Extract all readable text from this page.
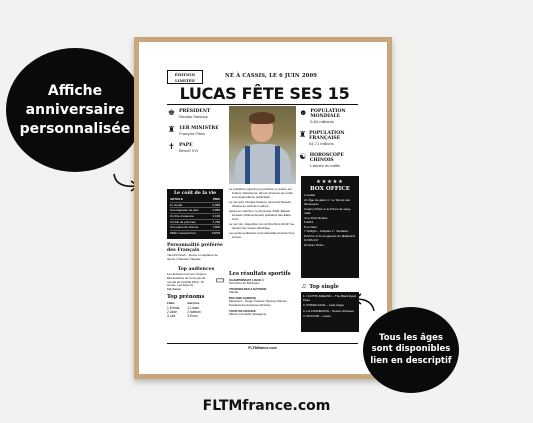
Affiche
anniversaire
personnalisée
ÉDITION
LIMITÉE
NÉ À CASSIS, LE 6 JUIN 2009
LUCAS FÊTE SES 15
♚ PRÉSIDENT
Nicolas Sarkozy
♜ 1ER MINISTRE
François Fillon
✝ PAPE
Benoît XVI
☻ POPULATION MONDIALE
6,84 milliards
♜ POPULATION FRANÇAISE
64,71 millions
☯ HOROSCOPE CHINOIS
L'année du buffle
Le coût de la vie
ARTICLE	PRIX
1L de lait	0,68€
Une baguette de pain	0,85€
Un litre d'essence	1,10€
Un kilo de pommes	1,79€
Une place de cinéma	7,80€
SMIC mensuel brut	1337€
Personnalité préférée des Français
Yannick Noah - Joueur et capitaine de tennis / chanteur français
Top audiences
Les Enfoirés font leur cinéma, Éliminatoires de la Coupe du monde de football 2010 : Dr House, Les Experts : Manhattan...
▭
Top prénoms
Filles
1.Emma
2.Jade
3.Léa
Garçons
1.Lucas
2.Nathan
3.Enzo
Le président supprime la publicité en soirée sur France Télévisions, afin de diminuer les coûts et la dépendance publicitaire.
Le 1er avril, Nicolas Sarkozy rencontre Barack Obama au G20 de Londres.
Après son élection, le 20 janvier 2009, Barack Hussein Obama devient président des États-Unis.
Le 1er juin, disparition du vol Rio-Paris AF447 au-dessus de l'océan Atlantique.
Les séries policières et la téléréalité dominent les écrans.
Les résultats sportifs
CHAMPIONNAT LIGUE 1
Girondins de Bordeaux
TOURNOI DES 6 NATIONS
Irlande
ROLAND GARROS
Messieurs : Roger Federer (Suisse) Dames : Svetlana Kouznetsova (Russie)
TOUR DE FRANCE
Alberto Contador (Espagne)
★★★★★
BOX OFFICE
1.Avatar
2.L'Âge de glace 3 : Le Temps des dinosaures
3.Harry Potter et le Prince de sang-mêlé
4.Le Petit Nicolas
5.2012
6.Là-haut
7.Twilight – Chapitre 2 : Tentation
8.Arthur et la vengeance de Maltazard
9.OSS 117
10.Gran Torino
♫ Top single
1. I GOTTA FEELING – The Black Eyed Peas
2. POKER FACE – Lady Gaga
3. LA CONNEXION – Sexion d'Assaut
4. DOCTOR – Lupus
FLTMfrance.com
Tous les âges
sont disponibles
lien en descriptif
FLTMfrance.com
